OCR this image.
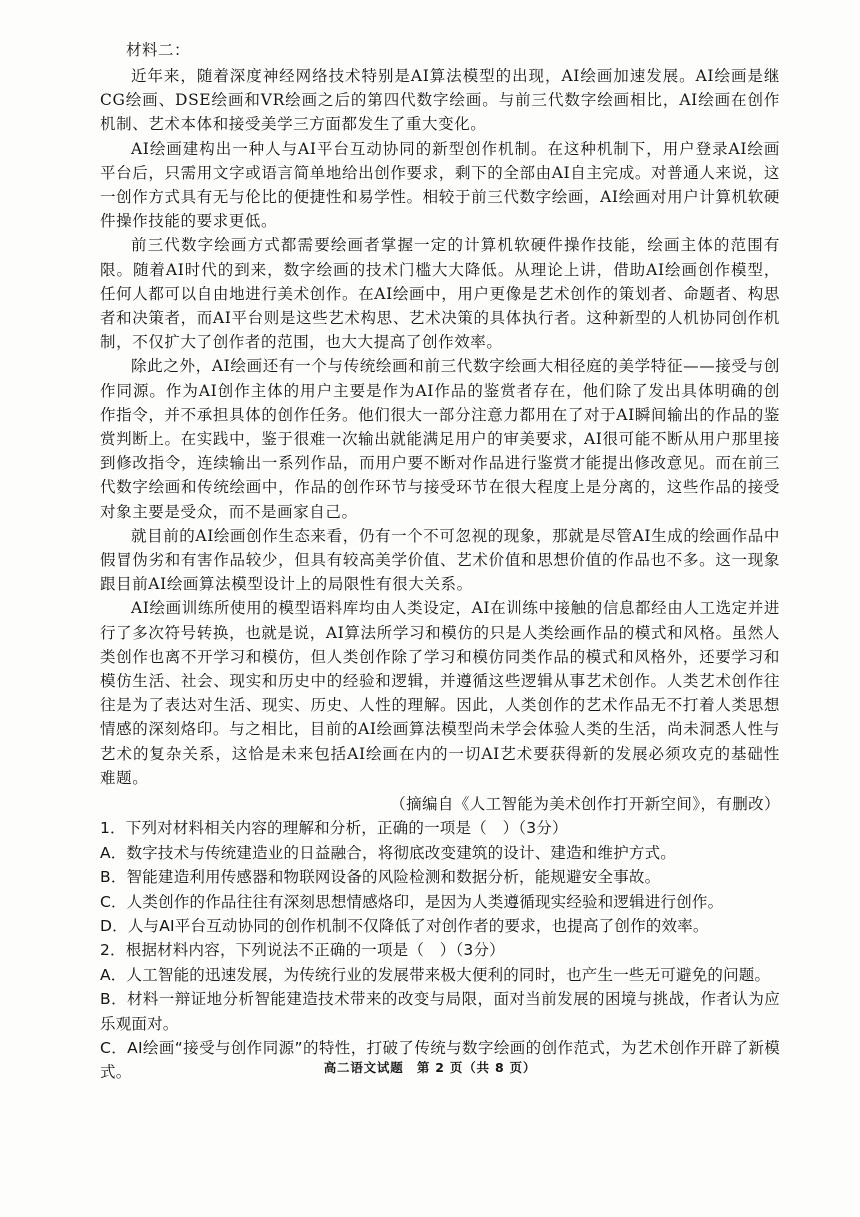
材料二：

近年来，随着深度神经网络技术特别是AI算法模型的出现，AI绘画加速发展。AI绘画是继CG绘画、DSE绘画和VR绘画之后的第四代数字绘画。与前三代数字绘画相比，AI绘画在创作机制、艺术本体和接受美学三方面都发生了重大变化。

AI绘画建构出一种人与AI平台互动协同的新型创作机制。在这种机制下，用户登录AI绘画平台后，只需用文字或语言简单地给出创作要求，剩下的全部由AI自主完成。对普通人来说，这一创作方式具有无与伦比的便捷性和易学性。相较于前三代数字绘画，AI绘画对用户计算机软硬件操作技能的要求更低。

前三代数字绘画方式都需要绘画者掌握一定的计算机软硬件操作技能，绘画主体的范围有限。随着AI时代的到来，数字绘画的技术门槛大大降低。从理论上讲，借助AI绘画创作模型，任何人都可以自由地进行美术创作。在AI绘画中，用户更像是艺术创作的策划者、命题者、构思者和决策者，而AI平台则是这些艺术构思、艺术决策的具体执行者。这种新型的人机协同创作机制，不仅扩大了创作者的范围，也大大提高了创作效率。

除此之外，AI绘画还有一个与传统绘画和前三代数字绘画大相径庭的美学特征——接受与创作同源。作为AI创作主体的用户主要是作为AI作品的鉴赏者存在，他们除了发出具体明确的创作指令，并不承担具体的创作任务。他们很大一部分注意力都用在了对于AI瞬间输出的作品的鉴赏判断上。在实践中，鉴于很难一次输出就能满足用户的审美要求，AI很可能不断从用户那里接到修改指令，连续输出一系列作品，而用户要不断对作品进行鉴赏才能提出修改意见。而在前三代数字绘画和传统绘画中，作品的创作环节与接受环节在很大程度上是分离的，这些作品的接受对象主要是受众，而不是画家自己。

就目前的AI绘画创作生态来看，仍有一个不可忽视的现象，那就是尽管AI生成的绘画作品中假冒伪劣和有害作品较少，但具有较高美学价值、艺术价值和思想价值的作品也不多。这一现象跟目前AI绘画算法模型设计上的局限性有很大关系。

AI绘画训练所使用的模型语料库均由人类设定，AI在训练中接触的信息都经由人工选定并进行了多次符号转换，也就是说，AI算法所学习和模仿的只是人类绘画作品的模式和风格。虽然人类创作也离不开学习和模仿，但人类创作除了学习和模仿同类作品的模式和风格外，还要学习和模仿生活、社会、现实和历史中的经验和逻辑，并遵循这些逻辑从事艺术创作。人类艺术创作往往是为了表达对生活、现实、历史、人性的理解。因此，人类创作的艺术作品无不打着人类思想情感的深刻烙印。与之相比，目前的AI绘画算法模型尚未学会体验人类的生活，尚未洞悉人性与艺术的复杂关系，这恰是未来包括AI绘画在内的一切AI艺术要获得新的发展必须攻克的基础性难题。

（摘编自《人工智能为美术创作打开新空间》，有删改）

1．下列对材料相关内容的理解和分析，正确的一项是（　）（3分）

A．数字技术与传统建造业的日益融合，将彻底改变建筑的设计、建造和维护方式。

B．智能建造利用传感器和物联网设备的风险检测和数据分析，能规避安全事故。

C．人类创作的作品往往有深刻思想情感烙印，是因为人类遵循现实经验和逻辑进行创作。

D．人与AI平台互动协同的创作机制不仅降低了对创作者的要求，也提高了创作的效率。

2．根据材料内容，下列说法不正确的一项是（　）（3分）

A．人工智能的迅速发展，为传统行业的发展带来极大便利的同时，也产生一些无可避免的问题。

B．材料一辩证地分析智能建造技术带来的改变与局限，面对当前发展的困境与挑战，作者认为应乐观面对。

C．AI绘画“接受与创作同源”的特性，打破了传统与数字绘画的创作范式，为艺术创作开辟了新模式。	高二语文试题　第 2 页（共 8 页）
